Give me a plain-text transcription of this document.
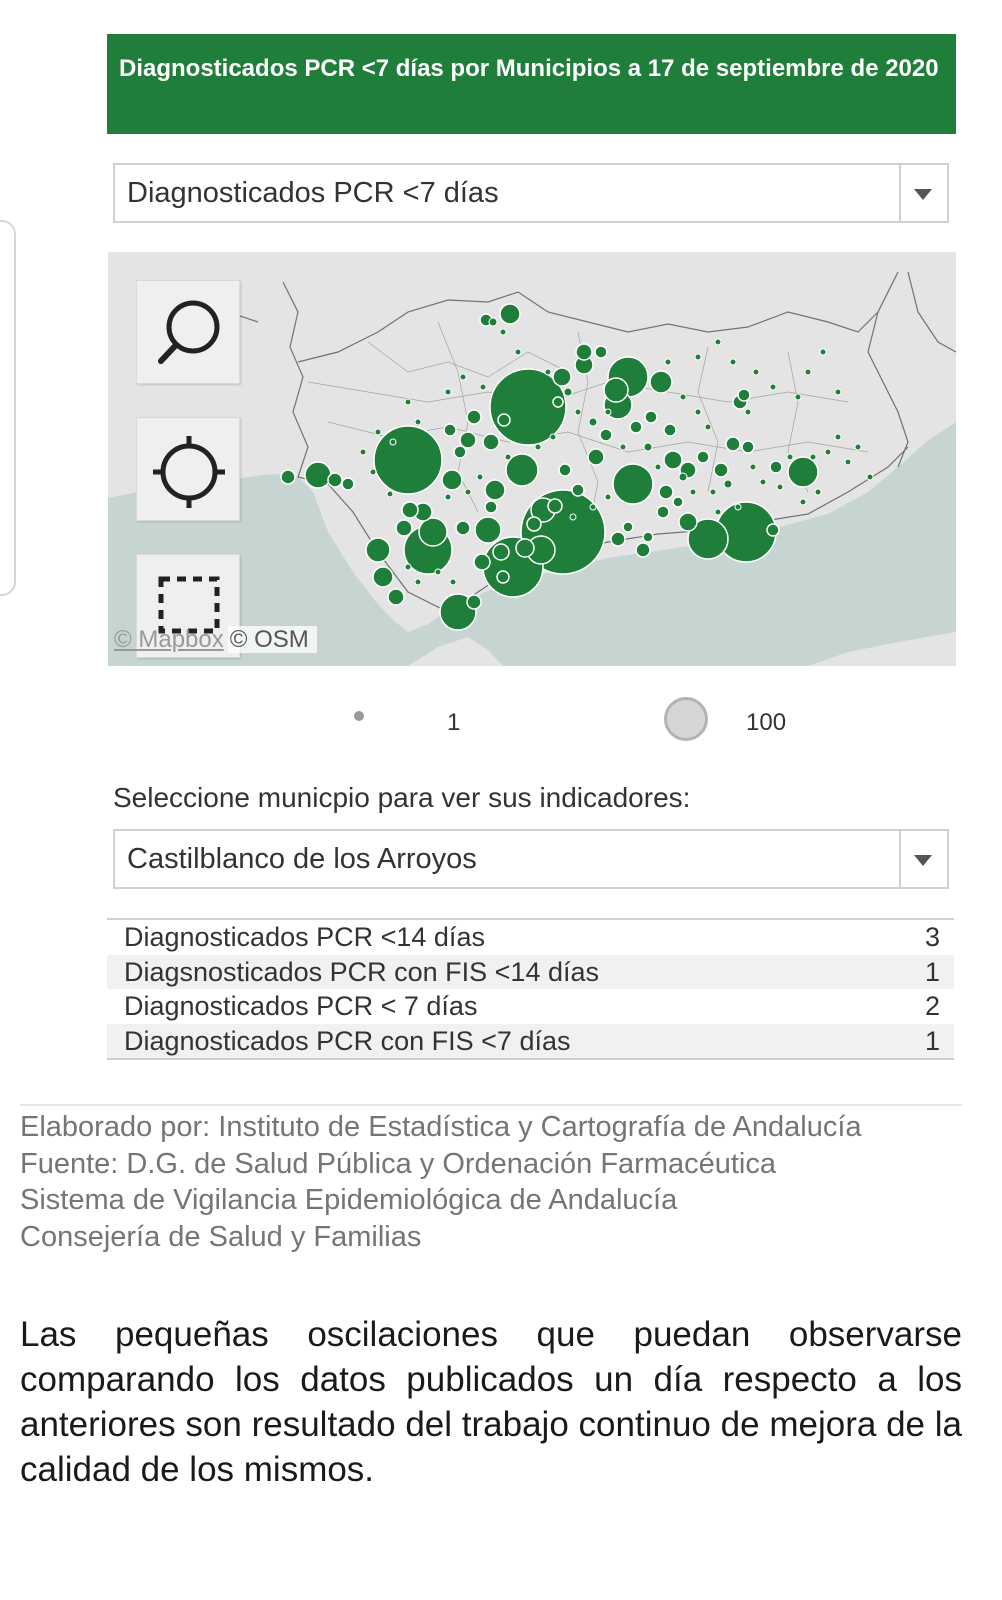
Diagnosticados PCR <7 días por Municipios a 17 de septiembre de 2020
Diagnosticados PCR <7 días
© Mapbox © OSM
1	100
Seleccione municpio para ver sus indicadores:
Castilblanco de los Arroyos
Diagnosticados PCR <14 días	3
Diagsnosticados PCR con FIS <14 días	1
Diagnosticados PCR < 7 días	2
Diagnosticados PCR con FIS <7 días	1
Elaborado por: Instituto de Estadística y Cartografía de Andalucía
Fuente: D.G. de Salud Pública y Ordenación Farmacéutica
Sistema de Vigilancia Epidemiológica de Andalucía
Consejería de Salud y Familias
Las pequeñas oscilaciones que puedan observarse comparando los datos publicados un día respecto a los anteriores son resultado del trabajo continuo de mejora de la calidad de los mismos.
